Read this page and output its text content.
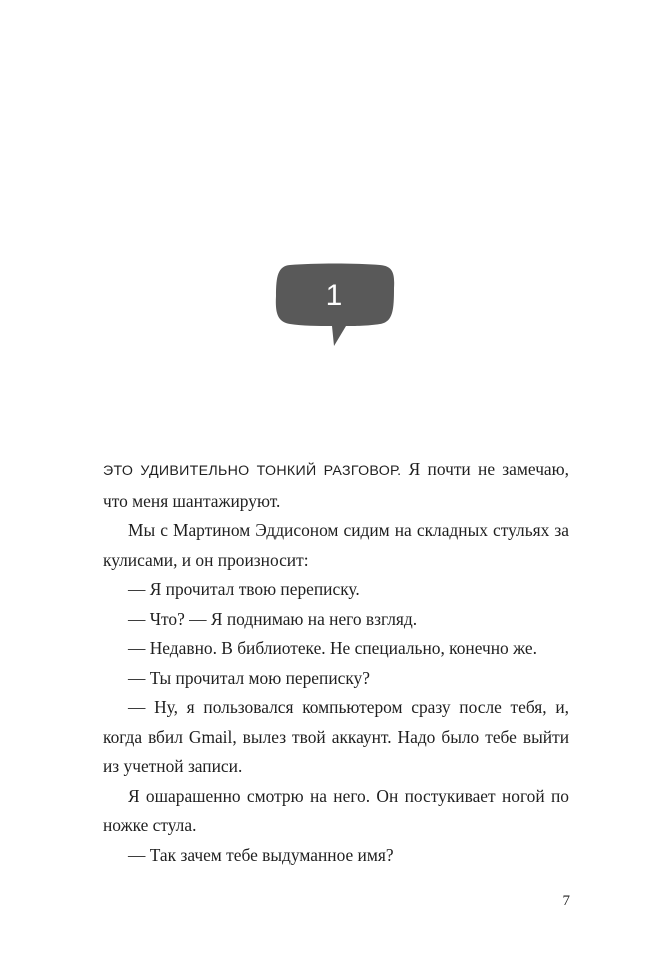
1

ЭТО УДИВИТЕЛЬНО ТОНКИЙ РАЗГОВОР. Я почти не замечаю, что меня шантажируют.

Мы с Мартином Эддисоном сидим на складных стульях за кулисами, и он произносит:

— Я прочитал твою переписку.

— Что? — Я поднимаю на него взгляд.

— Недавно. В библиотеке. Не специально, конечно же.

— Ты прочитал мою переписку?

— Ну, я пользовался компьютером сразу после тебя, и, когда вбил Gmail, вылез твой аккаунт. Надо было тебе выйти из учетной записи.

Я ошарашенно смотрю на него. Он постукивает ногой по ножке стула.

— Так зачем тебе выдуманное имя?

7
